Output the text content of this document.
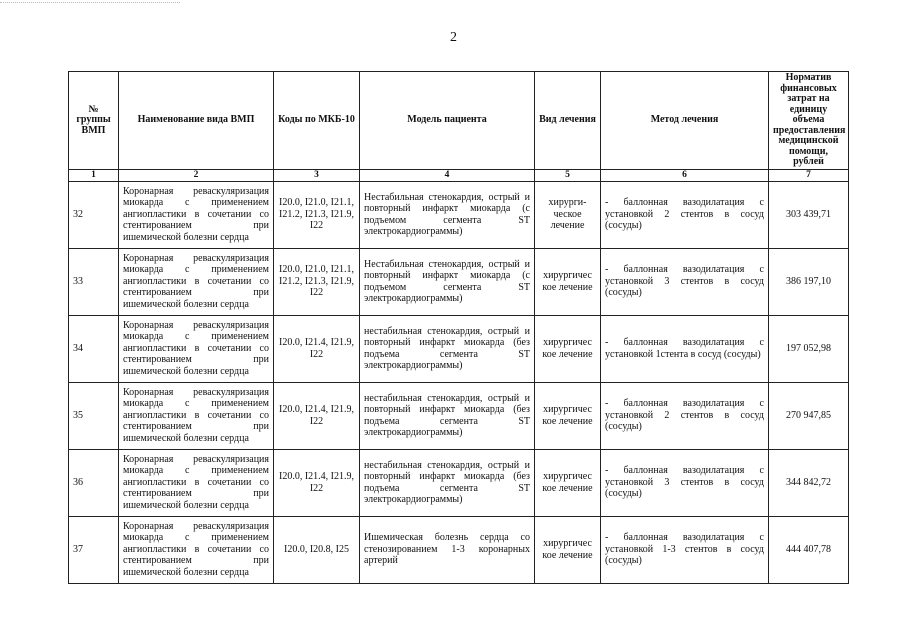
2
№ группы ВМП	Наименование вида ВМП	Коды по МКБ-10	Модель пациента	Вид лечения	Метод лечения	Норматив финансовых затрат на единицу объема предоставления медицинской помощи, рублей
1	2	3	4	5	6	7
32	Коронарная реваскуляризация миокарда с применением ангиопластики в сочетании со стентированием при ишемической болезни сердца	I20.0, I21.0, I21.1, I21.2, I21.3, I21.9, I22	Нестабильная стенокардия, острый и повторный инфаркт миокарда (с подъемом сегмента ST электрокардиограммы)	хирурги-ческое лечение	- баллонная вазодилатация с установкой 2 стентов в сосуд (сосуды)	303 439,71
33	Коронарная реваскуляризация миокарда с применением ангиопластики в сочетании со стентированием при ишемической болезни сердца	I20.0, I21.0, I21.1, I21.2, I21.3, I21.9, I22	Нестабильная стенокардия, острый и повторный инфаркт миокарда (с подъемом сегмента ST электрокардиограммы)	хирургичес кое лечение	- баллонная вазодилатация с установкой 3 стентов в сосуд (сосуды)	386 197,10
34	Коронарная реваскуляризация миокарда с применением ангиопластики в сочетании со стентированием при ишемической болезни сердца	I20.0, I21.4, I21.9, I22	нестабильная стенокардия, острый и повторный инфаркт миокарда (без подъема сегмента ST электрокардиограммы)	хирургичес кое лечение	- баллонная вазодилатация с установкой 1стента в сосуд (сосуды)	197 052,98
35	Коронарная реваскуляризация миокарда с применением ангиопластики в сочетании со стентированием при ишемической болезни сердца	I20.0, I21.4, I21.9, I22	нестабильная стенокардия, острый и повторный инфаркт миокарда (без подъема сегмента ST электрокардиограммы)	хирургичес кое лечение	- баллонная вазодилатация с установкой 2 стентов в сосуд (сосуды)	270 947,85
36	Коронарная реваскуляризация миокарда с применением ангиопластики в сочетании со стентированием при ишемической болезни сердца	I20.0, I21.4, I21.9, I22	нестабильная стенокардия, острый и повторный инфаркт миокарда (без подъема сегмента ST электрокардиограммы)	хирургичес кое лечение	- баллонная вазодилатация с установкой 3 стентов в сосуд (сосуды)	344 842,72
37	Коронарная реваскуляризация миокарда с применением ангиопластики в сочетании со стентированием при ишемической болезни сердца	I20.0, I20.8, I25	Ишемическая болезнь сердца со стенозированием 1-3 коронарных артерий	хирургичес кое лечение	- баллонная вазодилатация с установкой 1-3 стентов в сосуд (сосуды)	444 407,78
